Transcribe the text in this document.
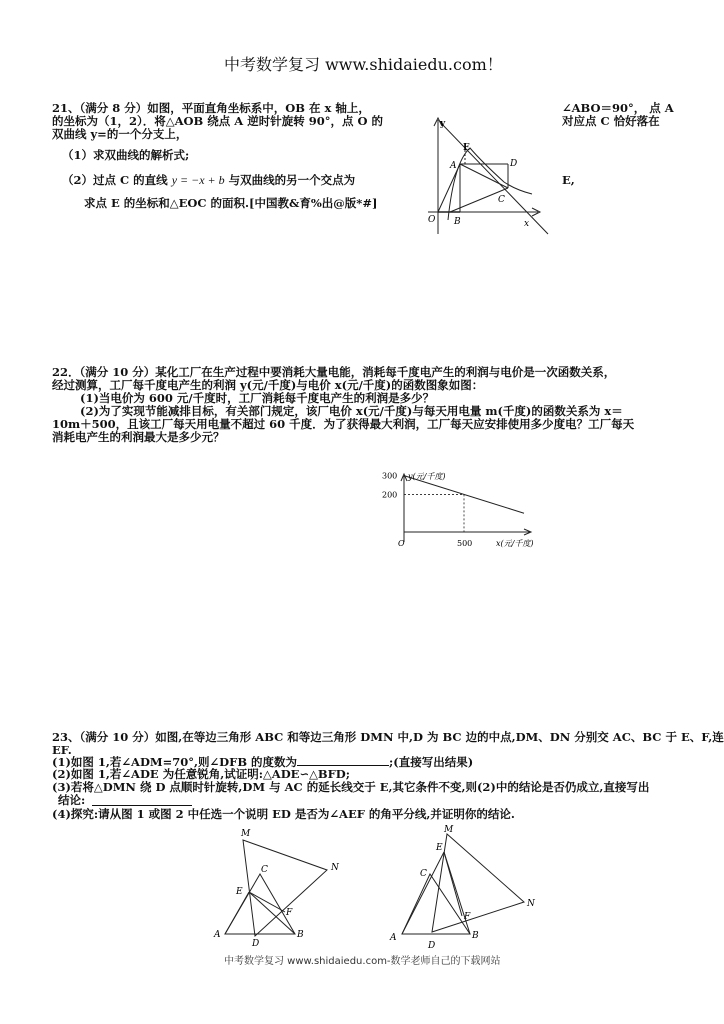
中考数学复习 www.shidaiedu.com！
21、（满分 8 分）如图，平面直角坐标系中，OB 在 x 轴上，	∠ABO＝90°， 点 A
的坐标为（1，2）．将△AOB 绕点 A 逆时针旋转 90°，点 O 的	对应点 C 恰好落在
双曲线 y=的一个分支上，
（1）求双曲线的解析式;
（2）过点 C 的直线 y = −x + b 与双曲线的另一个交点为	E,
求点 E 的坐标和△EOC 的面积.[中国教&育%出@版*#]
y
E
A	D
C
O B	x
22．（满分 10 分）某化工厂在生产过程中要消耗大量电能，消耗每千度电产生的利润与电价是一次函数关系，
经过测算，工厂每千度电产生的利润 y(元/千度)与电价 x(元/千度)的函数图象如图：
(1)当电价为 600 元/千度时，工厂消耗每千度电产生的利润是多少？
(2)为了实现节能减排目标，有关部门规定，该厂电价 x(元/千度)与每天用电量 m(千度)的函数关系为 x＝
10m＋500，且该工厂每天用电量不超过 60 千度．为了获得最大利润，工厂每天应安排使用多少度电？工厂每天
消耗电产生的利润最大是多少元？
y(元/千度)
300
200
O	500	x(元/千度)
23、（满分 10 分）如图,在等边三角形 ABC 和等边三角形 DMN 中,D 为 BC 边的中点,DM、DN 分别交 AC、BC 于 E、F,连
EF.
(1)如图 1,若∠ADM=70°,则∠DFB 的度数为	;(直接写出结果)
(2)如图 1,若∠ADE 为任意锐角,试证明:△ADE∽△BFD;
(3)若将△DMN 绕 D 点顺时针旋转,DM 与 AC 的延长线交于 E,其它条件不变,则(2)中的结论是否仍成立,直接写出
结论:
(4)探究:请从图 1 或图 2 中任选一个说明 ED 是否为∠AEF 的角平分线,并证明你的结论.
M
N
C
E
F
A
D
B
M
E
C
N
F
A	B
D
中考数学复习 www.shidaiedu.com-数学老师自己的下载网站
